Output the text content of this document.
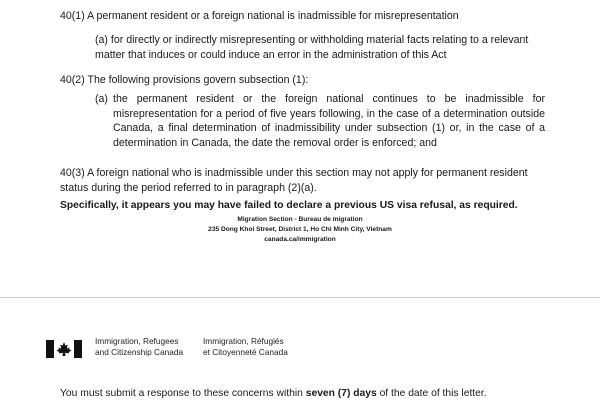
40(1) A permanent resident or a foreign national is inadmissible for misrepresentation

(a) for directly or indirectly misrepresenting or withholding material facts relating to a relevant matter that induces or could induce an error in the administration of this Act

40(2) The following provisions govern subsection (1):

(a) the permanent resident or the foreign national continues to be inadmissible for misrepresentation for a period of five years following, in the case of a determination outside Canada, a final determination of inadmissibility under subsection (1) or, in the case of a determination in Canada, the date the removal order is enforced; and

40(3) A foreign national who is inadmissible under this section may not apply for permanent resident status during the period referred to in paragraph (2)(a).

Specifically, it appears you may have failed to declare a previous US visa refusal, as required.
Migration Section - Bureau de migration
235 Dong Khoi Street, District 1, Ho Chi Minh City, Vietnam
canada.ca/immigration
Immigration, Refugees
and Citizenship Canada
Immigration, Réfugiés
et Citoyenneté Canada
You must submit a response to these concerns within seven (7) days of the date of this letter.
